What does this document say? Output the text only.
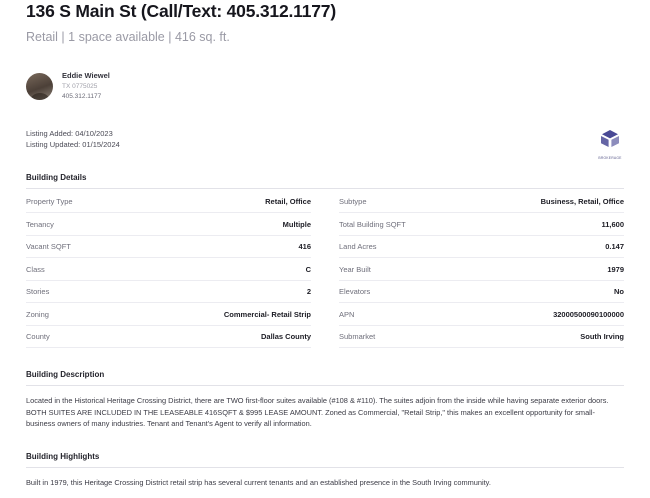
136 S Main St (Call/Text: 405.312.1177)
Retail | 1 space available | 416 sq. ft.
Eddie Wiewel
TX 0775025
405.312.1177
Listing Added: 04/10/2023
Listing Updated: 01/15/2024
BROKERAGE
Building Details
Property Type	Retail, Office
Tenancy	Multiple
Vacant SQFT	416
Class	C
Stories	2
Zoning	Commercial- Retail Strip
County	Dallas County
Subtype	Business, Retail, Office
Total Building SQFT	11,600
Land Acres	0.147
Year Built	1979
Elevators	No
APN	32000500090100000
Submarket	South Irving
Building Description
Located in the Historical Heritage Crossing District, there are TWO first-floor suites available (#108 & #110). The suites adjoin from the inside while having separate exterior doors. BOTH SUITES ARE INCLUDED IN THE LEASEABLE 416SQFT & $995 LEASE AMOUNT. Zoned as Commercial, "Retail Strip," this makes an excellent opportunity for small-business owners of many industries. Tenant and Tenant's Agent to verify all information.
Building Highlights
Built in 1979, this Heritage Crossing District retail strip has several current tenants and an established presence in the South Irving community.
